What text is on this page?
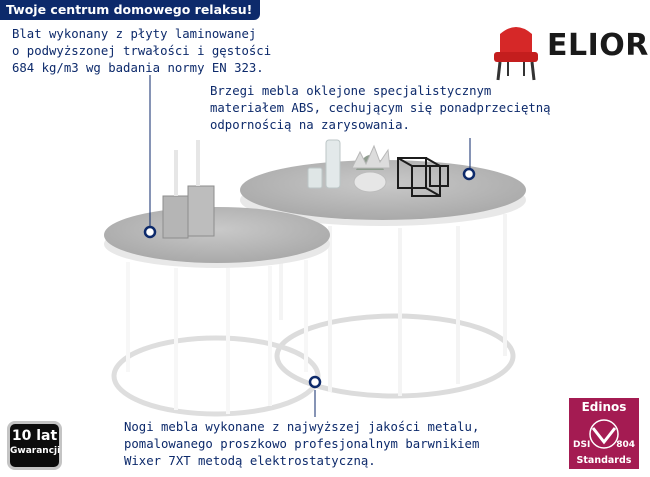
Twoje centrum domowego relaksu!
Blat wykonany z płyty laminowanej
o podwyższonej trwałości i gęstości
684 kg/m3 wg badania normy EN 323.
Brzegi mebla oklejone specjalistycznym
materiałem ABS, cechującym się ponadprzeciętną
odpornością na zarysowania.
Nogi mebla wykonane z najwyższej jakości metalu,
pomalowanego proszkowo profesjonalnym barwnikiem
Wixer 7XT metodą elektrostatyczną.
ELIOR
10 lat
Gwarancji
Edinos
DSI	804
Standards
